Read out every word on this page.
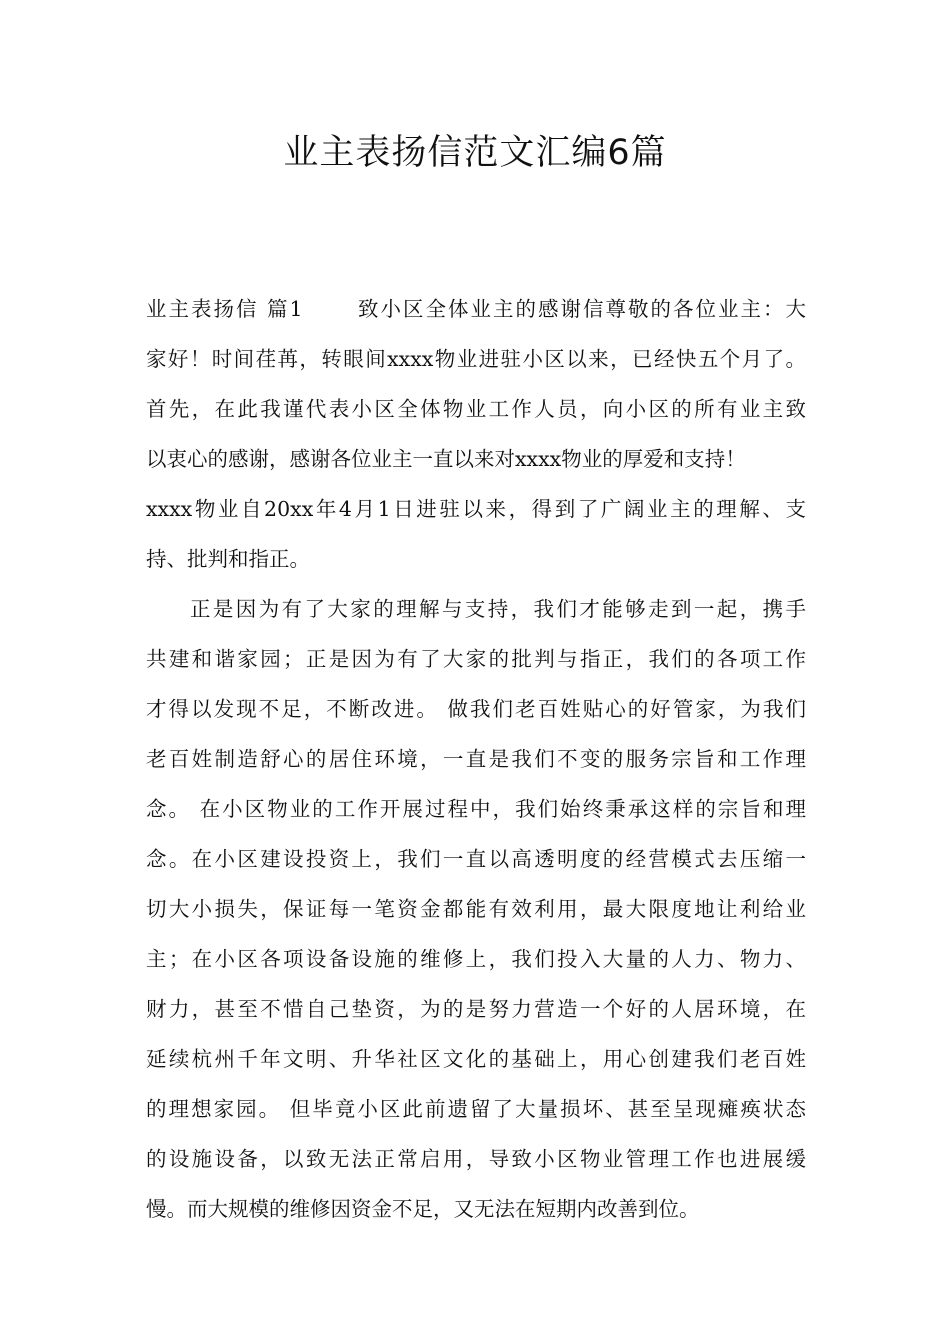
业主表扬信范文汇编6篇
业主表扬信 篇1　　 致小区全体业主的感谢信尊敬的各位业主：大
家好！时间荏苒，转眼间xxxx物业进驻小区以来，已经快五个月了。
首先，在此我谨代表小区全体物业工作人员，向小区的所有业主致
以衷心的感谢，感谢各位业主一直以来对xxxx物业的厚爱和支持！
xxxx物业自20xx年4月1日进驻以来，得到了广阔业主的理解、支
持、批判和指正。
正是因为有了大家的理解与支持，我们才能够走到一起，携手
共建和谐家园；正是因为有了大家的批判与指正，我们的各项工作
才得以发现不足，不断改进。 做我们老百姓贴心的好管家，为我们
老百姓制造舒心的居住环境，一直是我们不变的服务宗旨和工作理
念。 在小区物业的工作开展过程中，我们始终秉承这样的宗旨和理
念。在小区建设投资上，我们一直以高透明度的经营模式去压缩一
切大小损失，保证每一笔资金都能有效利用，最大限度地让利给业
主；在小区各项设备设施的维修上，我们投入大量的人力、物力、
财力，甚至不惜自己垫资，为的是努力营造一个好的人居环境，在
延续杭州千年文明、升华社区文化的基础上，用心创建我们老百姓
的理想家园。 但毕竟小区此前遗留了大量损坏、甚至呈现瘫痪状态
的设施设备，以致无法正常启用，导致小区物业管理工作也进展缓
慢。而大规模的维修因资金不足，又无法在短期内改善到位。
